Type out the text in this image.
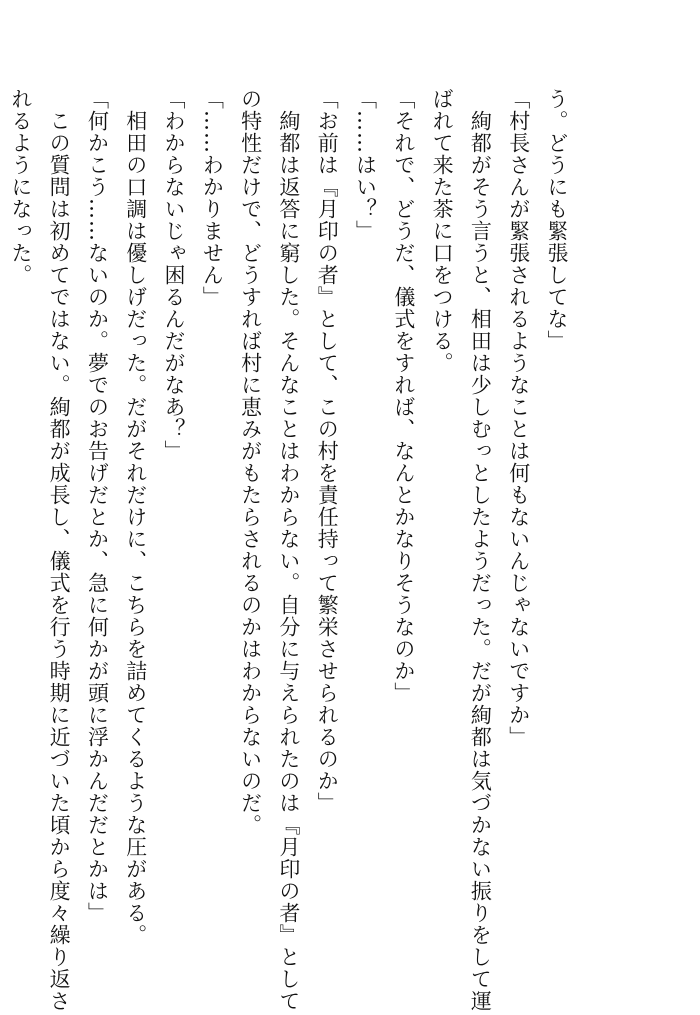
う。どうにも緊張してな」
「村長さんが緊張されるようなことは何もないんじゃないですか」
　絢都がそう言うと、相田は少しむっとしたようだった。だが絢都は気づかない振りをして運
ばれて来た茶に口をつける。
「それで、どうだ、儀式をすれば、なんとかなりそうなのか」
「……はい？」
「お前は『月印の者』として、この村を責任持って繁栄させられるのか」
　絢都は返答に窮した。そんなことはわからない。自分に与えられたのは『月印の者』として
の特性だけで、どうすれば村に恵みがもたらされるのかはわからないのだ。
「……わかりません」
「わからないじゃ困るんだがなあ？」
　相田の口調は優しげだった。だがそれだけに、こちらを詰めてくるような圧がある。
「何かこう……ないのか。夢でのお告げだとか、急に何かが頭に浮かんだだとかは」
　この質問は初めてではない。絢都が成長し、儀式を行う時期に近づいた頃から度々繰り返さ
れるようになった。
